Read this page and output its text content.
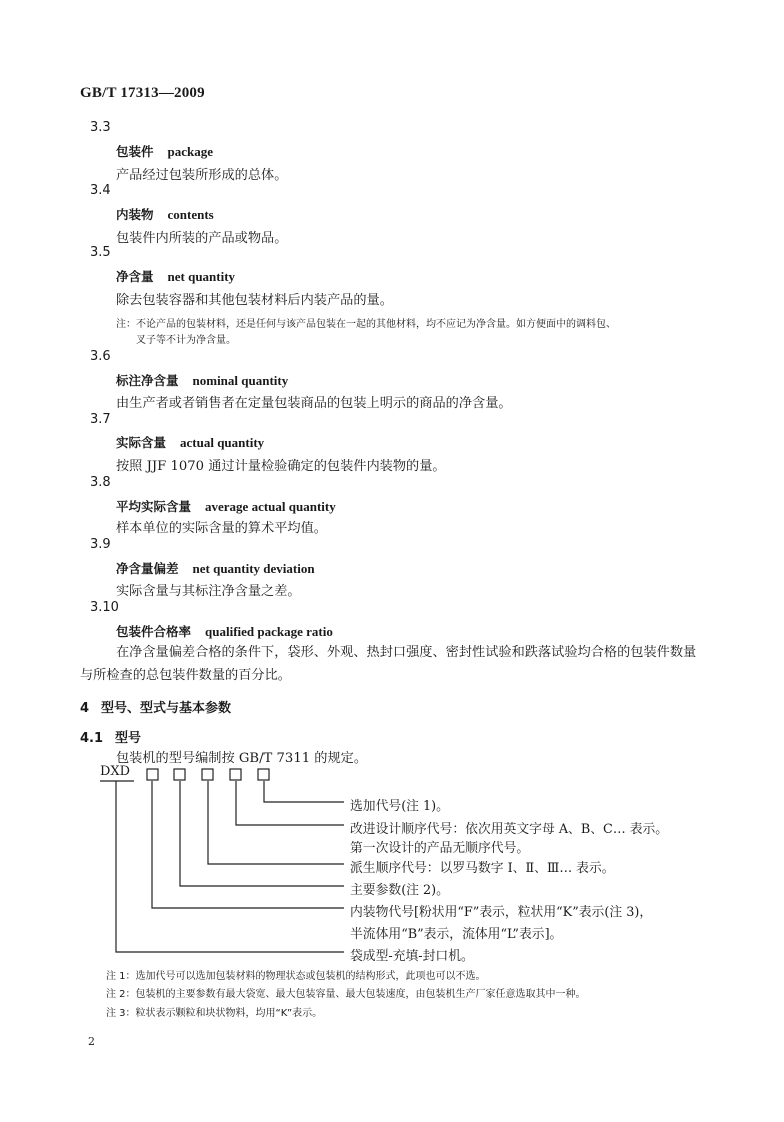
GB/T 17313—2009
3.3
包装件 package
产品经过包装所形成的总体。
3.4
内装物 contents
包装件内所装的产品或物品。
3.5
净含量 net quantity
除去包装容器和其他包装材料后内装产品的量。
注：不论产品的包装材料，还是任何与该产品包装在一起的其他材料，均不应记为净含量。如方便面中的调料包、
叉子等不计为净含量。
3.6
标注净含量 nominal quantity
由生产者或者销售者在定量包装商品的包装上明示的商品的净含量。
3.7
实际含量 actual quantity
按照 JJF 1070 通过计量检验确定的包装件内装物的量。
3.8
平均实际含量 average actual quantity
样本单位的实际含量的算术平均值。
3.9
净含量偏差 net quantity deviation
实际含量与其标注净含量之差。
3.10
包装件合格率 qualified package ratio
在净含量偏差合格的条件下，袋形、外观、热封口强度、密封性试验和跌落试验均合格的包装件数量与所检查的总包装件数量的百分比。
4 型号、型式与基本参数
4.1 型号
包装机的型号编制按 GB/T 7311 的规定。
DXD
选加代号(注 1)。
改进设计顺序代号：依次用英文字母 A、B、C… 表示。
第一次设计的产品无顺序代号。
派生顺序代号：以罗马数字 Ⅰ、Ⅱ、Ⅲ… 表示。
主要参数(注 2)。
内装物代号[粉状用“F”表示，粒状用“K”表示(注 3)，
半流体用“B”表示，流体用“L”表示]。
袋成型-充填-封口机。
注 1：选加代号可以选加包装材料的物理状态或包装机的结构形式，此项也可以不选。
注 2：包装机的主要参数有最大袋宽、最大包装容量、最大包装速度，由包装机生产厂家任意选取其中一种。
注 3：粒状表示颗粒和块状物料，均用“K”表示。
2
